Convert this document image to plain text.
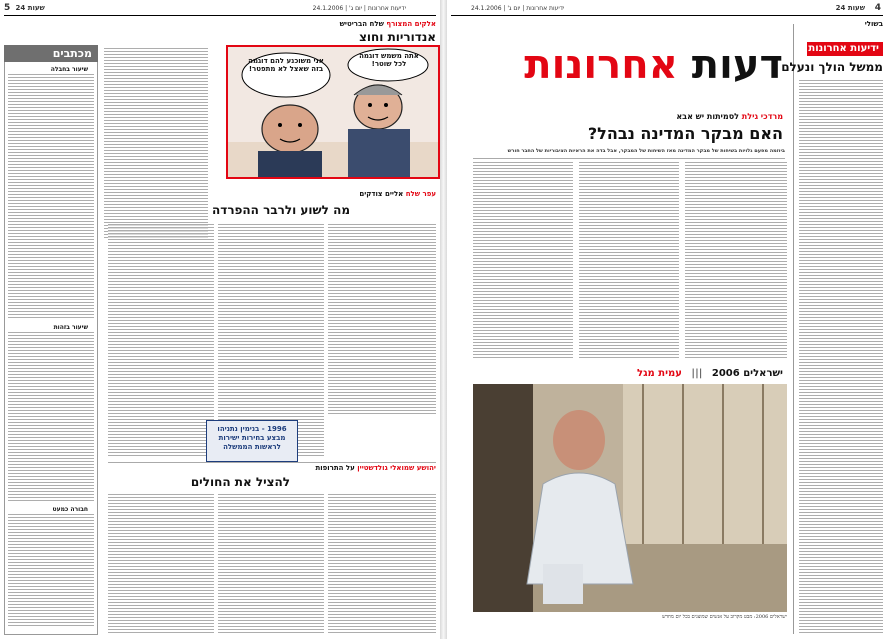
5 24 שעות	ידיעות אחרונות | יום ג' | 24.1.2006
מכתבים
שיעור בחבלה
שיעור בזהות
חבורה כמעט
אלקים המצורף שלח הבריטיש
אנדוריות וחוצ
אני משוכנע להם דוגמה בזה שאצל לא מתפטר!
אתה משמש דוגמה לכל שוטר!
עפר שלח אליים צודקים
מה לשוע ולרבר ההפרדה
1996 - בנימין נתניהו מבצע בחירות ישירות לראשות הממשלה
יהושע שמואלי גולדשטיין על התרופות
להציל את החולים
ידיעות אחרונות | יום ג' | 24.1.2006	24 שעות 4
בשולי
ידיעות אחרונות
ממשל הולך ונעלם
דעות אחרונות
מרדכי גילת לסמיתות יש אבא
האם מבקר המדינה נבהל?
ביוזמה מפעם גלויות בשיחות של מבקר המדינה מאז השיחות של המבקר, אבל בדה את הראיות הציבוריות של החבר חורש
ישראלים 2006 ||| עמית מגל
ישראלים 2006: מבט מקרוב על אנשים שמוצגים בכל יום מחדש
